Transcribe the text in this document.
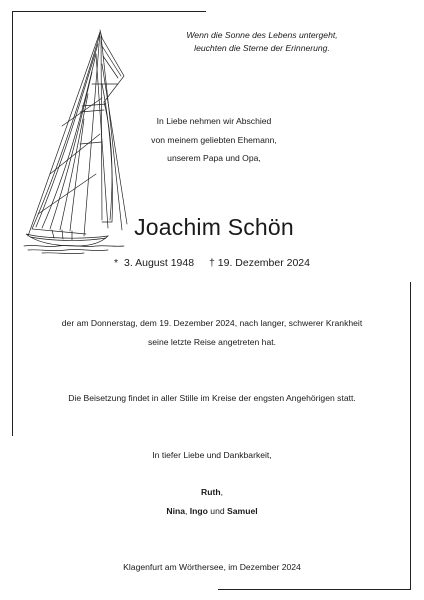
Wenn die Sonne des Lebens untergeht,
leuchten die Sterne der Erinnerung.
In Liebe nehmen wir Abschied
von meinem geliebten Ehemann,
unserem Papa und Opa,
Joachim Schön
* 3. August 1948 † 19. Dezember 2024
der am Donnerstag, dem 19. Dezember 2024, nach langer, schwerer Krankheit
seine letzte Reise angetreten hat.
Die Beisetzung findet in aller Stille im Kreise der engsten Angehörigen statt.
In tiefer Liebe und Dankbarkeit,
Ruth,
Nina, Ingo und Samuel
Klagenfurt am Wörthersee, im Dezember 2024
